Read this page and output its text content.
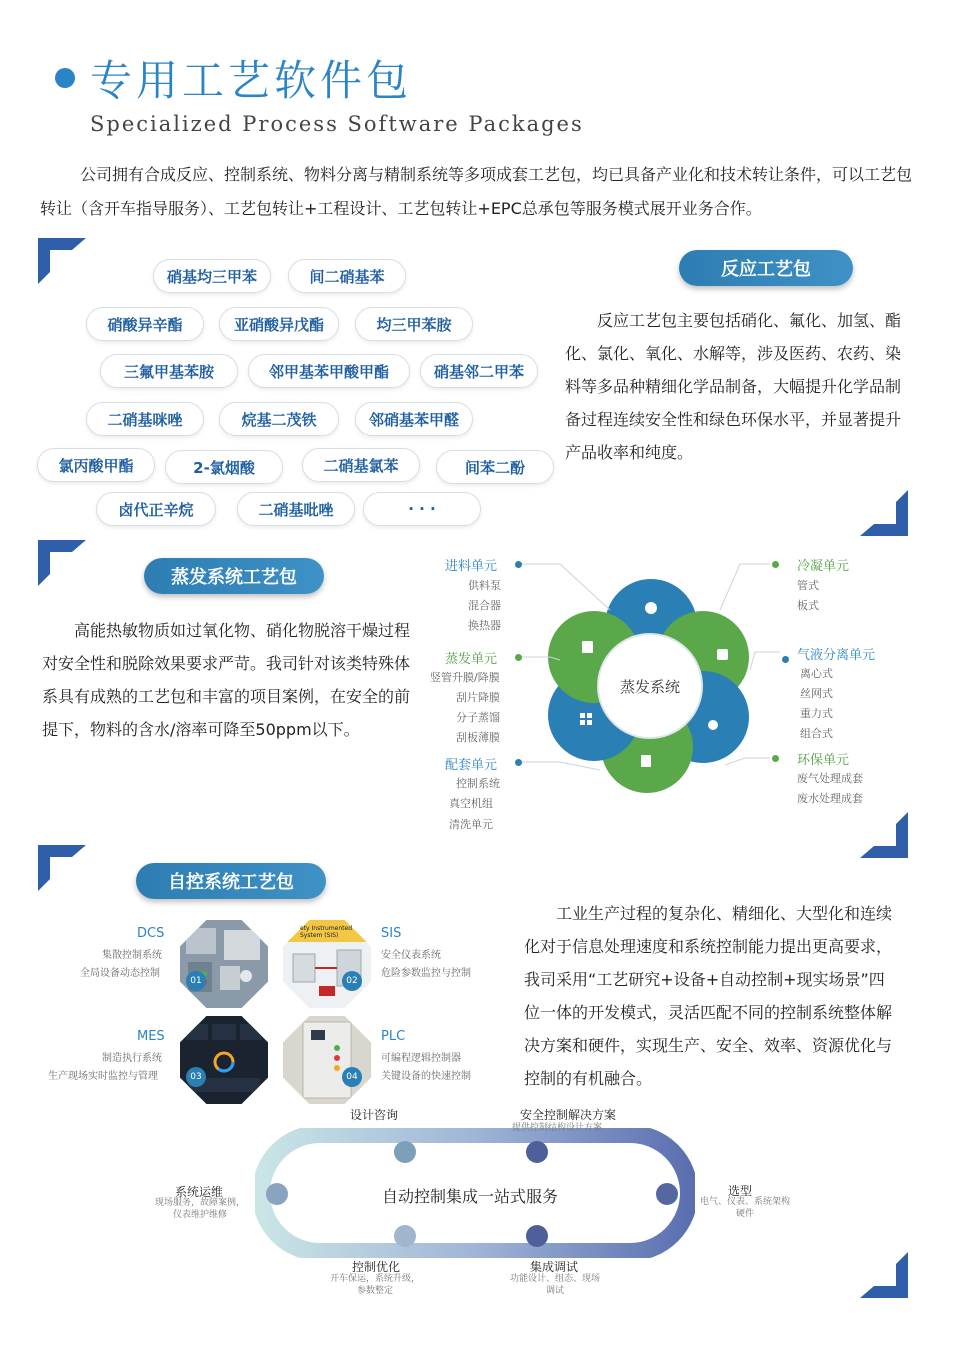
专用工艺软件包
Specialized Process Software Packages
公司拥有合成反应、控制系统、物料分离与精制系统等多项成套工艺包，均已具备产业化和技术转让条件，可以工艺包转让（含开车指导服务）、工艺包转让+工程设计、工艺包转让+EPC总承包等服务模式展开业务合作。
硝基均三甲苯	间二硝基苯
硝酸异辛酯	亚硝酸异戊酯	均三甲苯胺
三氟甲基苯胺	邻甲基苯甲酸甲酯	硝基邻二甲苯
二硝基咪唑	烷基二茂铁	邻硝基苯甲醛
氯丙酸甲酯	2-氯烟酸	二硝基氯苯	间苯二酚
卤代正辛烷	二硝基吡唑	· · ·
反应工艺包
反应工艺包主要包括硝化、氟化、加氢、酯化、氯化、氧化、水解等，涉及医药、农药、染料等多品种精细化学品制备，大幅提升化学品制备过程连续安全性和绿色环保水平，并显著提升产品收率和纯度。
蒸发系统工艺包
高能热敏物质如过氧化物、硝化物脱溶干燥过程对安全性和脱除效果要求严苛。我司针对该类特殊体系具有成熟的工艺包和丰富的项目案例，在安全的前提下，物料的含水/溶率可降至50ppm以下。
蒸发系统
进料单元
供料泵
混合器
换热器
蒸发单元
竖管升膜/降膜
刮片降膜
分子蒸馏
刮板薄膜
配套单元
控制系统
真空机组
清洗单元
冷凝单元
管式
板式
气液分离单元
离心式
丝网式
重力式
组合式
环保单元
废气处理成套
废水处理成套
自控系统工艺包
工业生产过程的复杂化、精细化、大型化和连续化对于信息处理速度和系统控制能力提出更高要求，我司采用“工艺研究+设备+自动控制+现实场景”四位一体的开发模式，灵活匹配不同的控制系统整体解决方案和硬件，实现生产、安全、效率、资源优化与控制的有机融合。
DCS
集散控制系统
全局设备动态控制
01
ety Instrumented System (SIS)
02
SIS
安全仪表系统
危险参数监控与控制
MES
制造执行系统
生产现场实时监控与管理	03	04
PLC
可编程逻辑控制器
关键设备的快速控制
自动控制集成一站式服务
设计咨询	安全控制解决方案
提供控制结构设计方案
选型
电气、仪表、系统架构
硬件
集成调试
功能设计、组态、现场
调试
控制优化
开车保运，系统升级，
参数整定
系统运维
现场服务，故障案例，
仪表维护维修
